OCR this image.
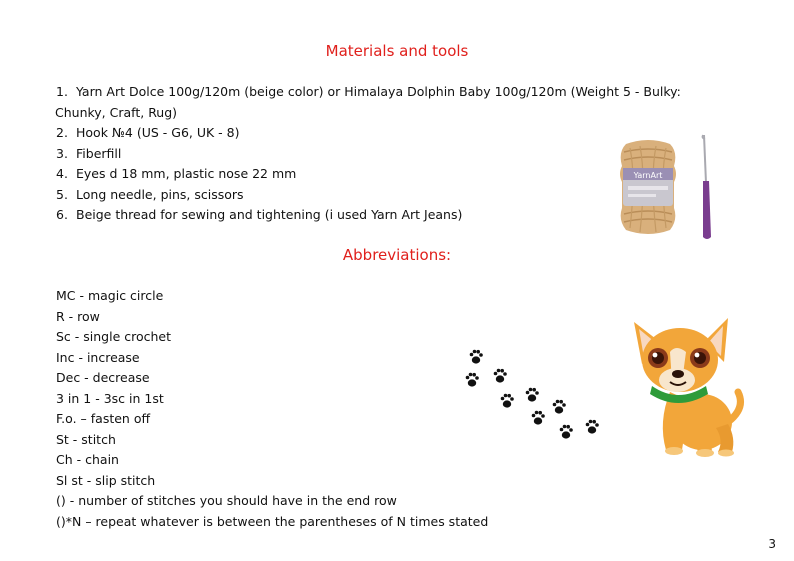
Materials and tools
1. Yarn Art Dolce 100g/120m (beige color) or Himalaya Dolphin Baby 100g/120m (Weight 5 - Bulky:
Chunky, Craft, Rug)
2. Hook №4 (US - G6, UK - 8)
3. Fiberfill
4. Eyes d 18 mm, plastic nose 22 mm
5. Long needle, pins, scissors
6. Beige thread for sewing and tightening (i used Yarn Art Jeans)
Abbreviations:
MC - magic circle
R - row
Sc - single crochet
Inc - increase
Dec - decrease
3 in 1 - 3sc in 1st
F.o. – fasten off
St - stitch
Ch - chain
Sl st - slip stitch
() - number of stitches you should have in the end row
()*N – repeat whatever is between the parentheses of N times stated
YarnArt
3
